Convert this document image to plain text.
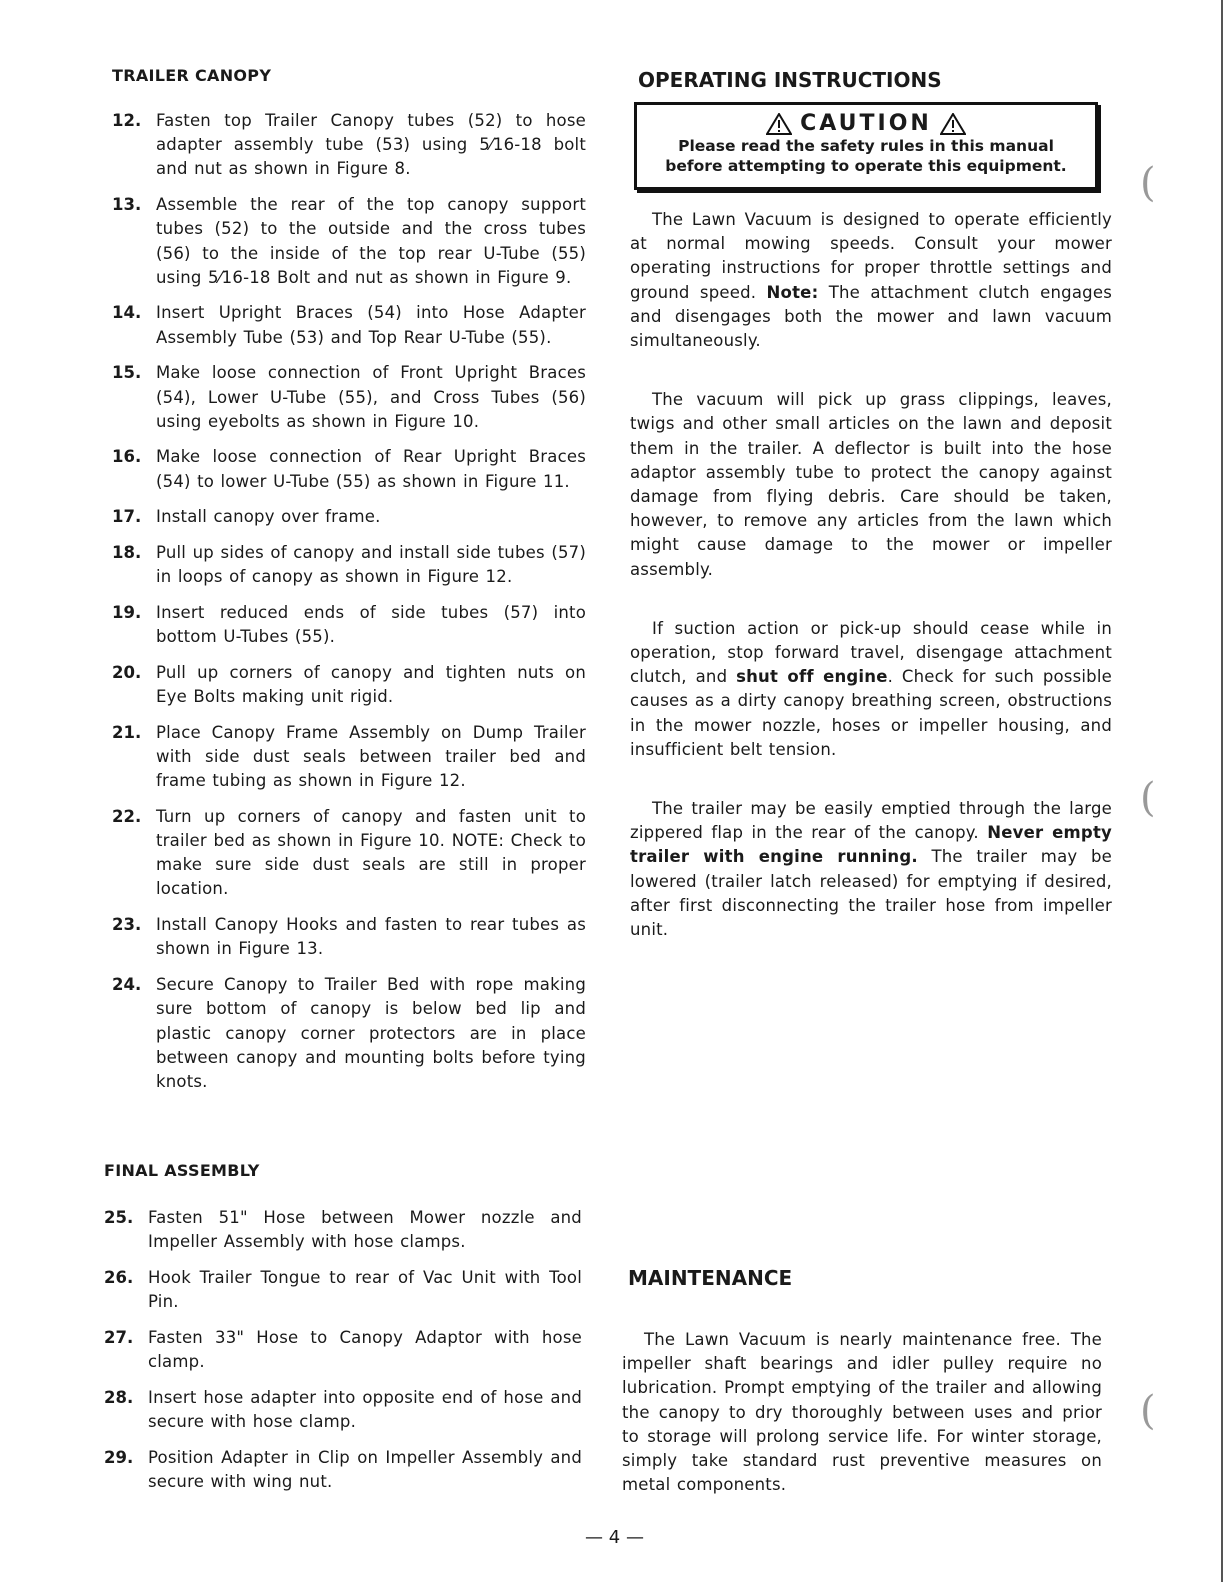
(
(
(
TRAILER CANOPY
12. Fasten top Trailer Canopy tubes (52) to hose adapter assembly tube (53) using 5⁄16-18 bolt and nut as shown in Figure 8.
13. Assemble the rear of the top canopy support tubes (52) to the outside and the cross tubes (56) to the inside of the top rear U-Tube (55) using 5⁄16-18 Bolt and nut as shown in Figure 9.
14. Insert Upright Braces (54) into Hose Adapter Assembly Tube (53) and Top Rear U-Tube (55).
15. Make loose connection of Front Upright Braces (54), Lower U-Tube (55), and Cross Tubes (56) using eyebolts as shown in Figure 10.
16. Make loose connection of Rear Upright Braces (54) to lower U-Tube (55) as shown in Figure 11.
17. Install canopy over frame.
18. Pull up sides of canopy and install side tubes (57) in loops of canopy as shown in Figure 12.
19. Insert reduced ends of side tubes (57) into bottom U-Tubes (55).
20. Pull up corners of canopy and tighten nuts on Eye Bolts making unit rigid.
21. Place Canopy Frame Assembly on Dump Trailer with side dust seals between trailer bed and frame tubing as shown in Figure 12.
22. Turn up corners of canopy and fasten unit to trailer bed as shown in Figure 10. NOTE: Check to make sure side dust seals are still in proper location.
23. Install Canopy Hooks and fasten to rear tubes as shown in Figure 13.
24. Secure Canopy to Trailer Bed with rope making sure bottom of canopy is below bed lip and plastic canopy corner protectors are in place between canopy and mounting bolts before tying knots.
FINAL ASSEMBLY
25. Fasten 51" Hose between Mower nozzle and Impeller Assembly with hose clamps.
26. Hook Trailer Tongue to rear of Vac Unit with Tool Pin.
27. Fasten 33" Hose to Canopy Adaptor with hose clamp.
28. Insert hose adapter into opposite end of hose and secure with hose clamp.
29. Position Adapter in Clip on Impeller Assembly and secure with wing nut.
OPERATING INSTRUCTIONS
CAUTION
Please read the safety rules in this manual
before attempting to operate this equipment.

The Lawn Vacuum is designed to operate efficiently at normal mowing speeds. Consult your mower operating instructions for proper throttle settings and ground speed. Note: The attachment clutch engages and disengages both the mower and lawn vacuum simultaneously.

The vacuum will pick up grass clippings, leaves, twigs and other small articles on the lawn and deposit them in the trailer. A deflector is built into the hose adaptor assembly tube to protect the canopy against damage from flying debris. Care should be taken, however, to remove any articles from the lawn which might cause damage to the mower or impeller assembly.

If suction action or pick-up should cease while in operation, stop forward travel, disengage attachment clutch, and shut off engine. Check for such possible causes as a dirty canopy breathing screen, obstructions in the mower nozzle, hoses or impeller housing, and insufficient belt tension.

The trailer may be easily emptied through the large zippered flap in the rear of the canopy. Never empty trailer with engine running. The trailer may be lowered (trailer latch released) for emptying if desired, after first disconnecting the trailer hose from impeller unit.

MAINTENANCE

The Lawn Vacuum is nearly maintenance free. The impeller shaft bearings and idler pulley require no lubrication. Prompt emptying of the trailer and allowing the canopy to dry thoroughly between uses and prior to storage will prolong service life. For winter storage, simply take standard rust preventive measures on metal components.

— 4 —
